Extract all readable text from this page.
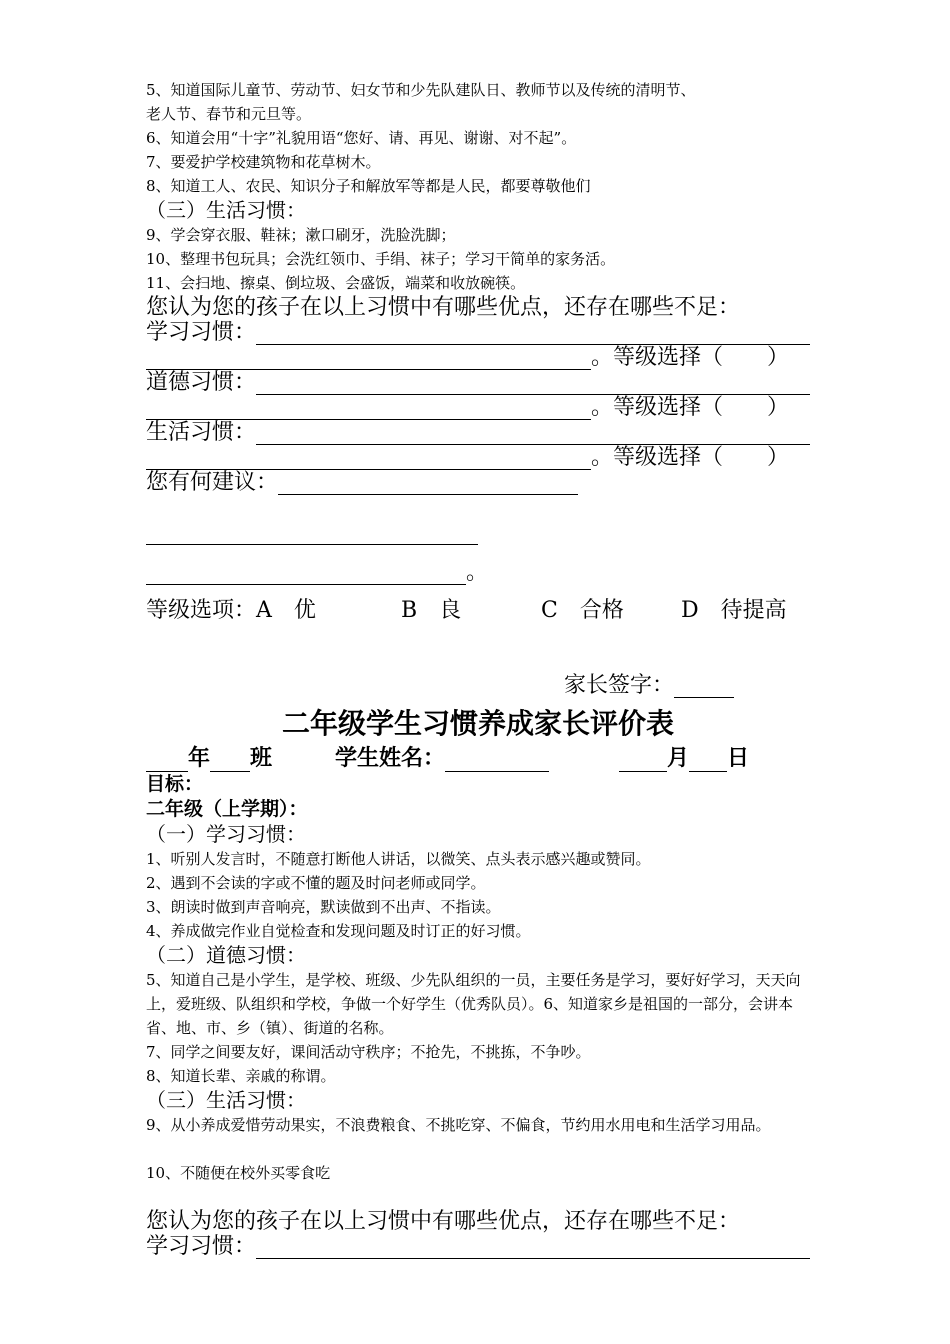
5、知道国际儿童节、劳动节、妇女节和少先队建队日、教师节以及传统的清明节、
老人节、春节和元旦等。
6、知道会用“十字”礼貌用语“您好、请、再见、谢谢、对不起”。
7、要爱护学校建筑物和花草树木。
8、知道工人、农民、知识分子和解放军等都是人民，都要尊敬他们
（三）生活习惯：
9、学会穿衣服、鞋袜；漱口刷牙，洗脸洗脚；
10、整理书包玩具；会洗红领巾、手绢、袜子；学习干简单的家务活。
11、会扫地、擦桌、倒垃圾、会盛饭，端菜和收放碗筷。
您认为您的孩子在以上习惯中有哪些优点，还存在哪些不足：
学习习惯：
。等级选择（　　）
道德习惯：
。等级选择（　　）
生活习惯：
。等级选择（　　）
您有何建议：
。
等级选项：A　优	B　良	C　合格	D　待提高
家长签字：
二年级学生习惯养成家长评价表
年 班	学生姓名：	月 日
目标：
二年级（上学期）：
（一）学习习惯：
1、听别人发言时，不随意打断他人讲话，以微笑、点头表示感兴趣或赞同。
2、遇到不会读的字或不懂的题及时问老师或同学。
3、朗读时做到声音响亮，默读做到不出声、不指读。
4、养成做完作业自觉检查和发现问题及时订正的好习惯。
（二）道德习惯：
5、知道自己是小学生，是学校、班级、少先队组织的一员，主要任务是学习，要好好学习，天天向上，爱班级、队组织和学校，争做一个好学生（优秀队员）。6、知道家乡是祖国的一部分，会讲本省、地、市、乡（镇）、街道的名称。
7、同学之间要友好，课间活动守秩序；不抢先，不挑拣，不争吵。
8、知道长辈、亲戚的称谓。
（三）生活习惯：
9、从小养成爱惜劳动果实，不浪费粮食、不挑吃穿、不偏食，节约用水用电和生活学习用品。
10、不随便在校外买零食吃
您认为您的孩子在以上习惯中有哪些优点，还存在哪些不足：
学习习惯：
